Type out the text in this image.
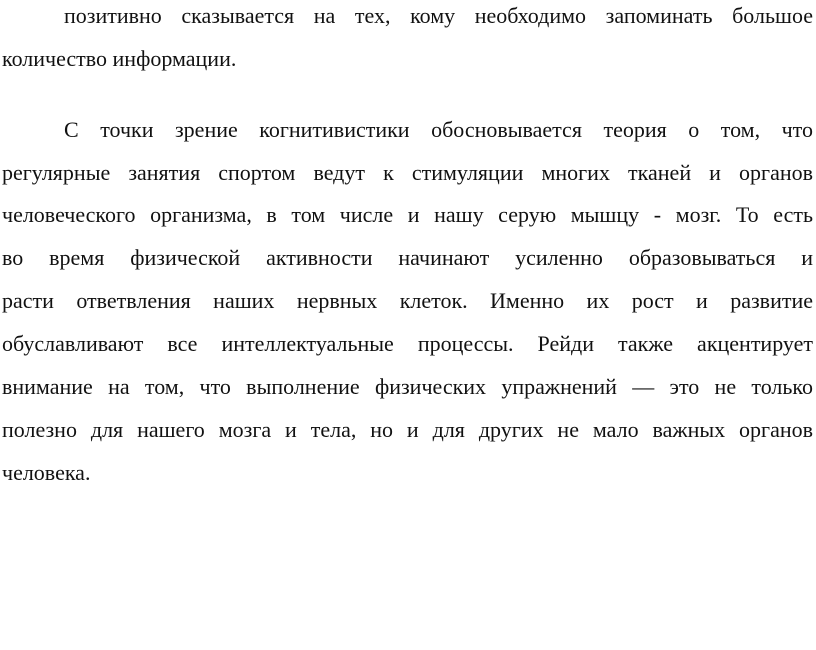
позитивно сказывается на тех, кому необходимо запоминать большое
количество информации.
С точки зрение когнитивистики обосновывается теория о том, что
регулярные занятия спортом ведут к стимуляции многих тканей и органов
человеческого организма, в том числе и нашу серую мышцу - мозг. То есть
во время физической активности начинают усиленно образовываться и
расти ответвления наших нервных клеток. Именно их рост и развитие
обуславливают все интеллектуальные процессы. Рейди также акцентирует
внимание на том, что выполнение физических упражнений — это не только
полезно для нашего мозга и тела, но и для других не мало важных органов
человека.
